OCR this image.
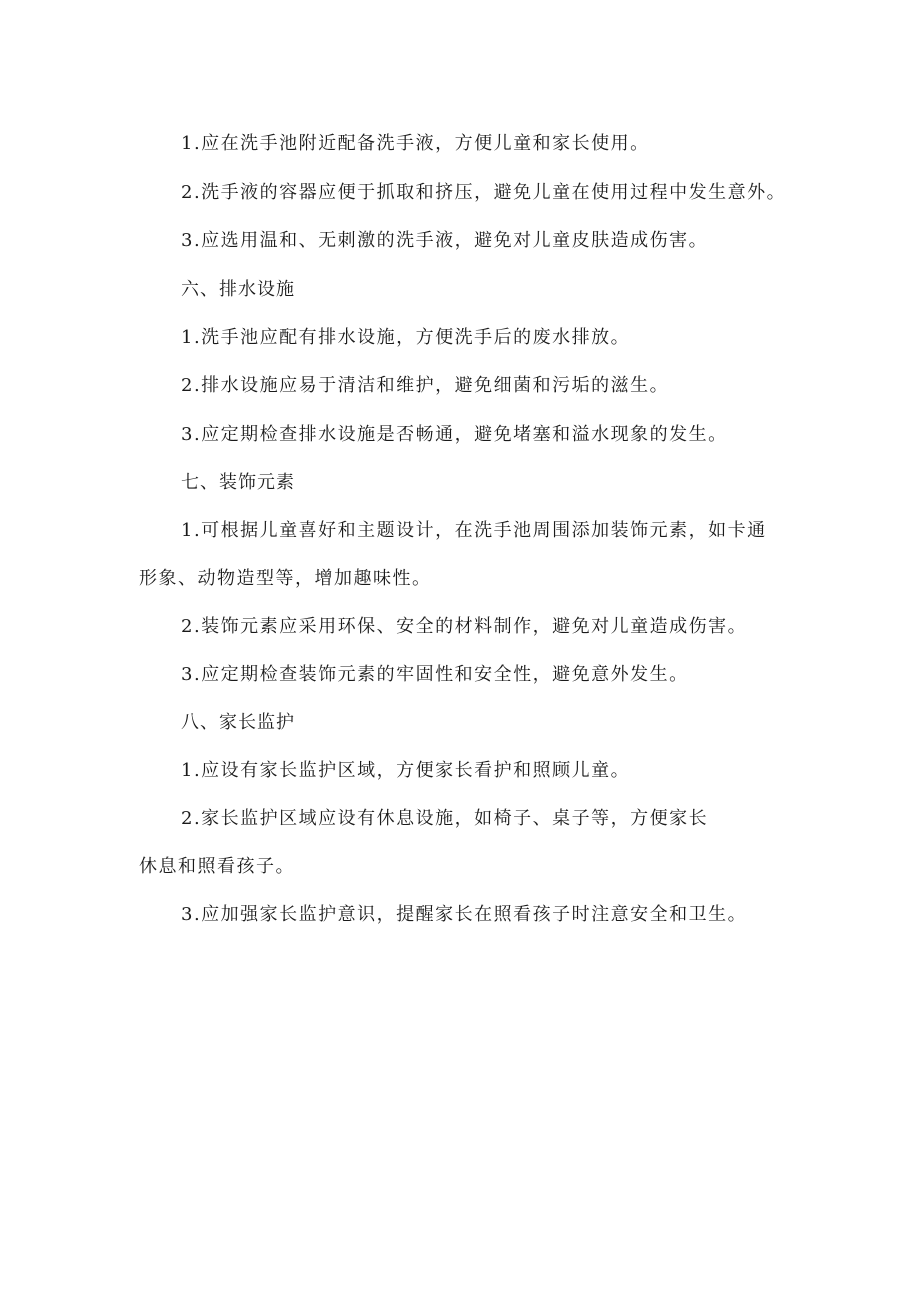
1.应在洗手池附近配备洗手液，方便儿童和家长使用。
2.洗手液的容器应便于抓取和挤压，避免儿童在使用过程中发生意外。
3.应选用温和、无刺激的洗手液，避免对儿童皮肤造成伤害。
六、排水设施
1.洗手池应配有排水设施，方便洗手后的废水排放。
2.排水设施应易于清洁和维护，避免细菌和污垢的滋生。
3.应定期检查排水设施是否畅通，避免堵塞和溢水现象的发生。
七、装饰元素
1.可根据儿童喜好和主题设计，在洗手池周围添加装饰元素，如卡通
形象、动物造型等，增加趣味性。
2.装饰元素应采用环保、安全的材料制作，避免对儿童造成伤害。
3.应定期检查装饰元素的牢固性和安全性，避免意外发生。
八、家长监护
1.应设有家长监护区域，方便家长看护和照顾儿童。
2.家长监护区域应设有休息设施，如椅子、桌子等，方便家长
休息和照看孩子。
3.应加强家长监护意识，提醒家长在照看孩子时注意安全和卫生。
